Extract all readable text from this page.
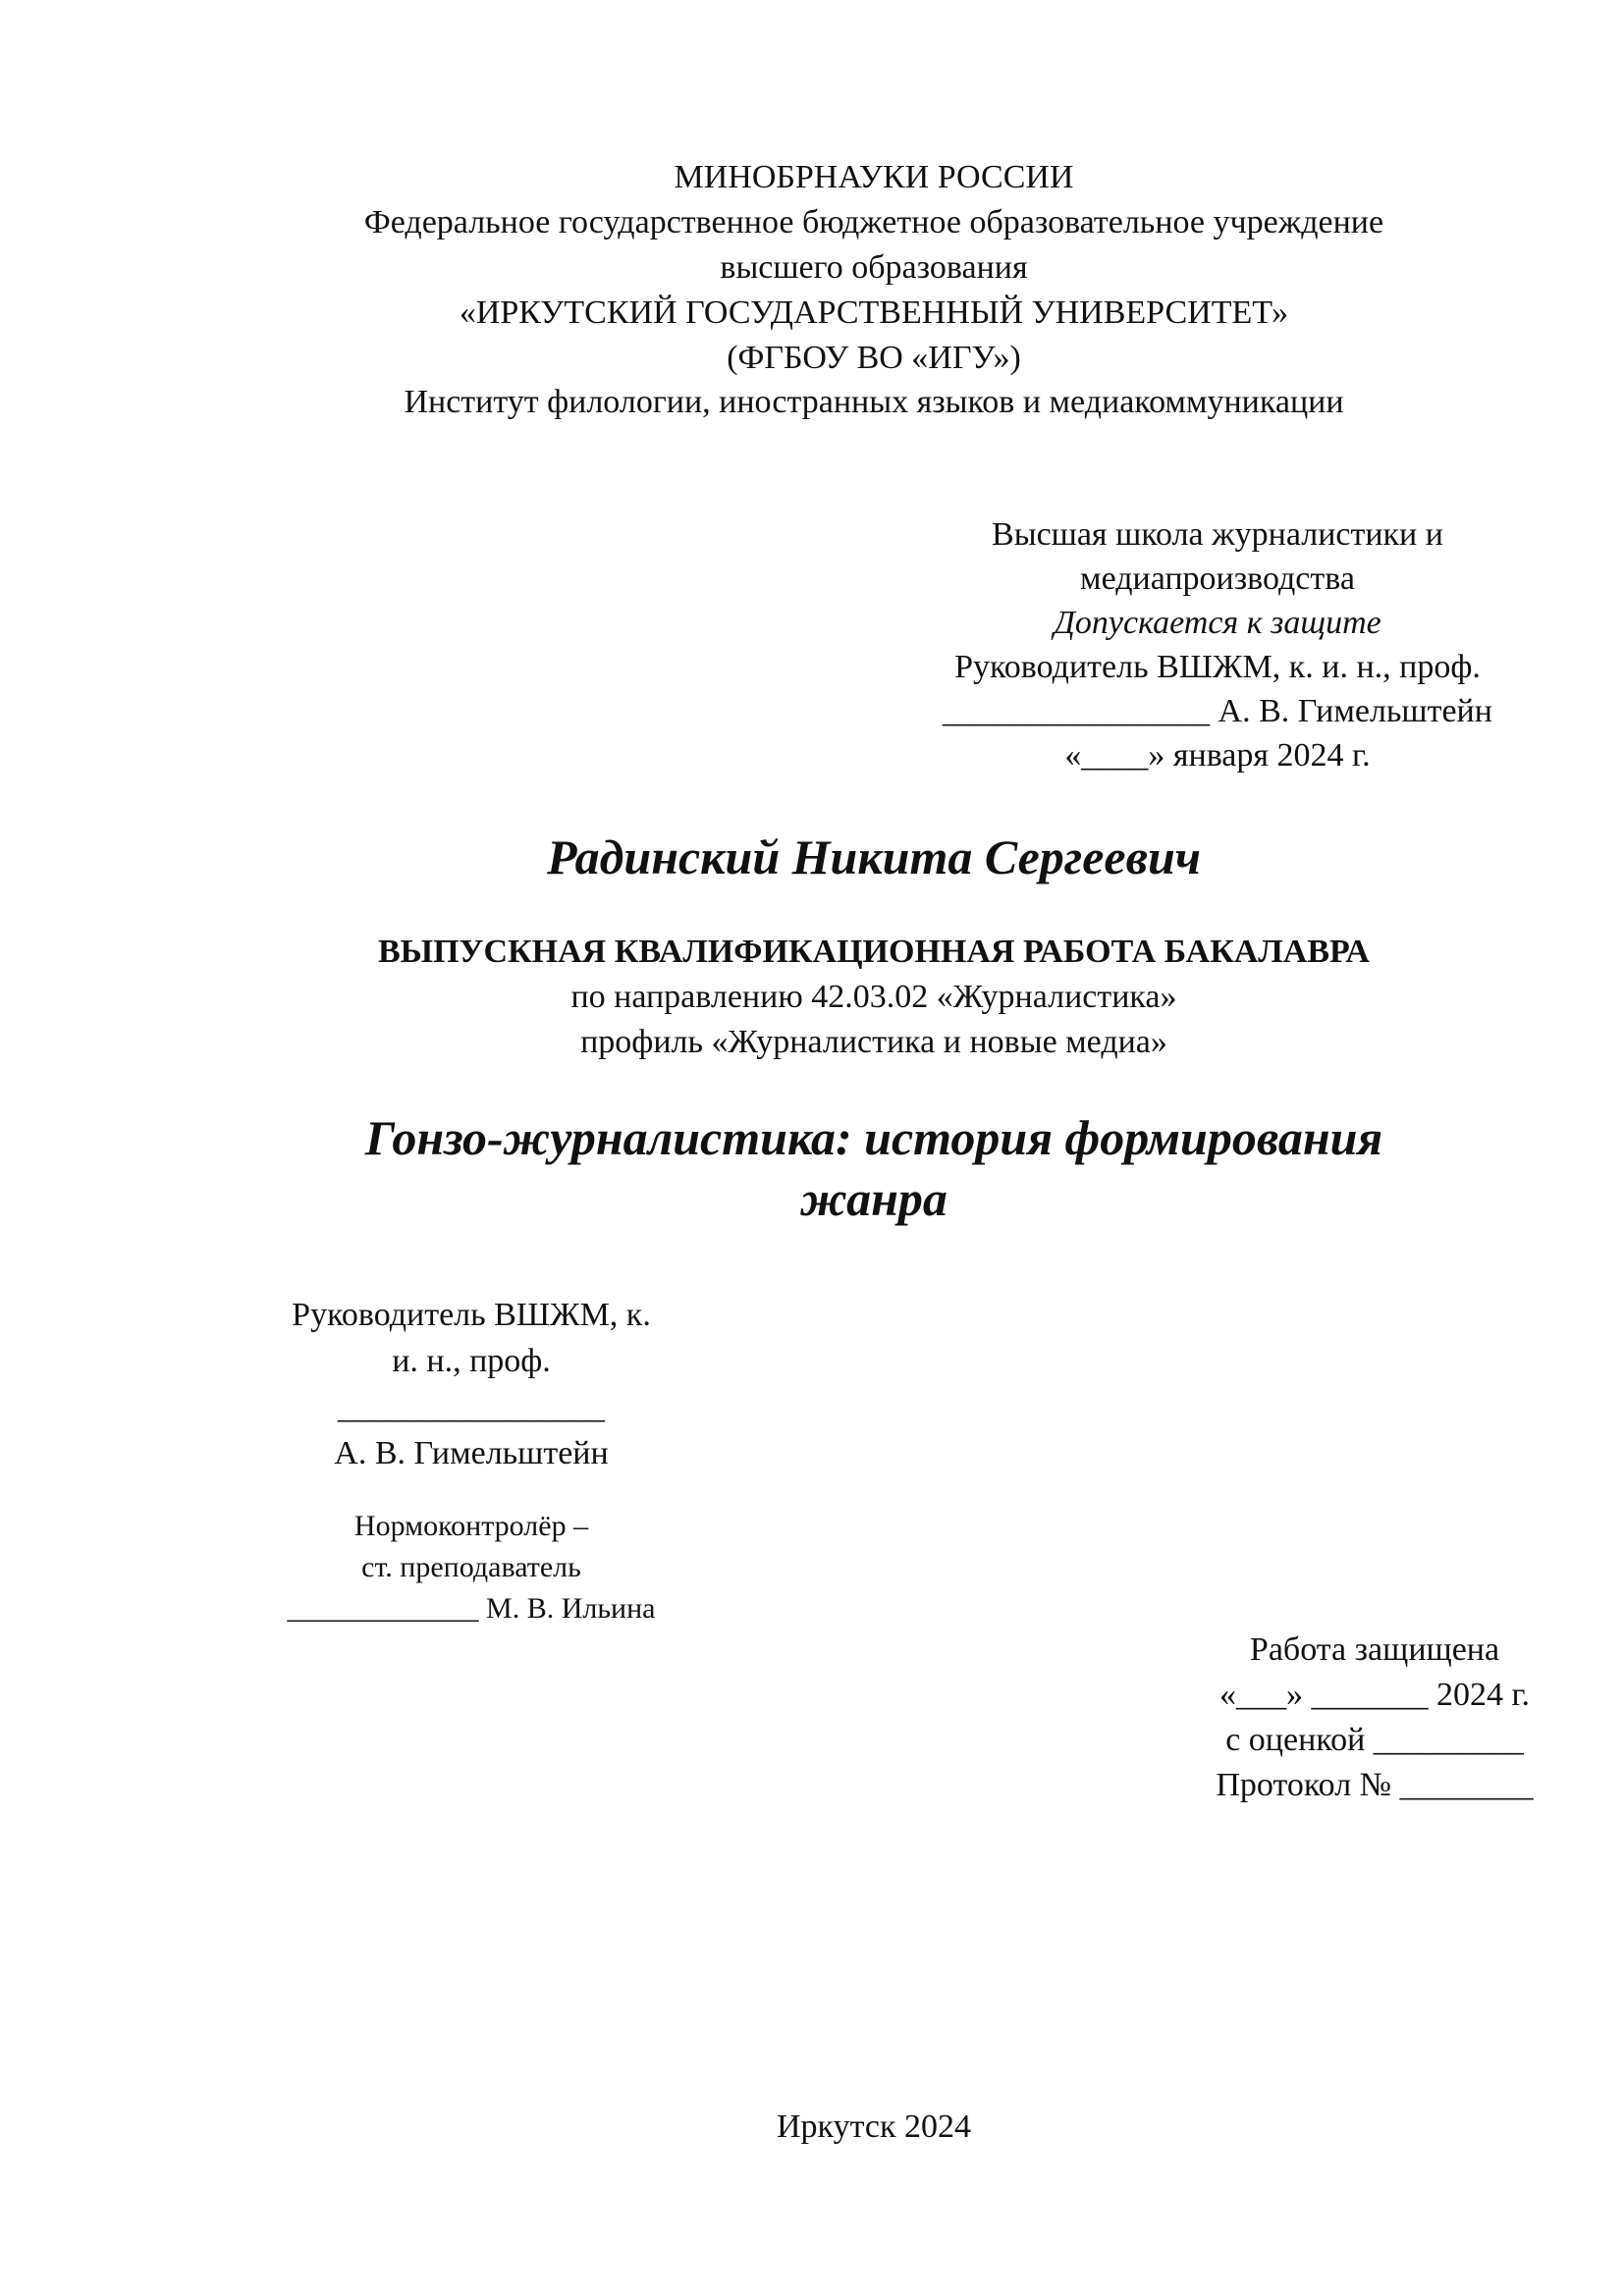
МИНОБРНАУКИ РОССИИ
Федеральное государственное бюджетное образовательное учреждение
высшего образования
«ИРКУТСКИЙ ГОСУДАРСТВЕННЫЙ УНИВЕРСИТЕТ»
(ФГБОУ ВО «ИГУ»)
Институт филологии, иностранных языков и медиакоммуникации
Высшая школа журналистики и
медиапроизводства
Допускается к защите
Руководитель ВШЖМ, к. и. н., проф.
________________ А. В. Гимельштейн
«____» января 2024 г.
Радинский Никита Сергеевич
ВЫПУСКНАЯ КВАЛИФИКАЦИОННАЯ РАБОТА БАКАЛАВРА
по направлению 42.03.02 «Журналистика»
профиль «Журналистика и новые медиа»
Гонзо-журналистика: история формирования
жанра
Руководитель ВШЖМ, к.
и. н., проф.
________________
А. В. Гимельштейн
Нормоконтролёр –
ст. преподаватель
_____________ М. В. Ильина
Работа защищена
«___» _______ 2024 г.
с оценкой _________
Протокол № ________
Иркутск 2024
